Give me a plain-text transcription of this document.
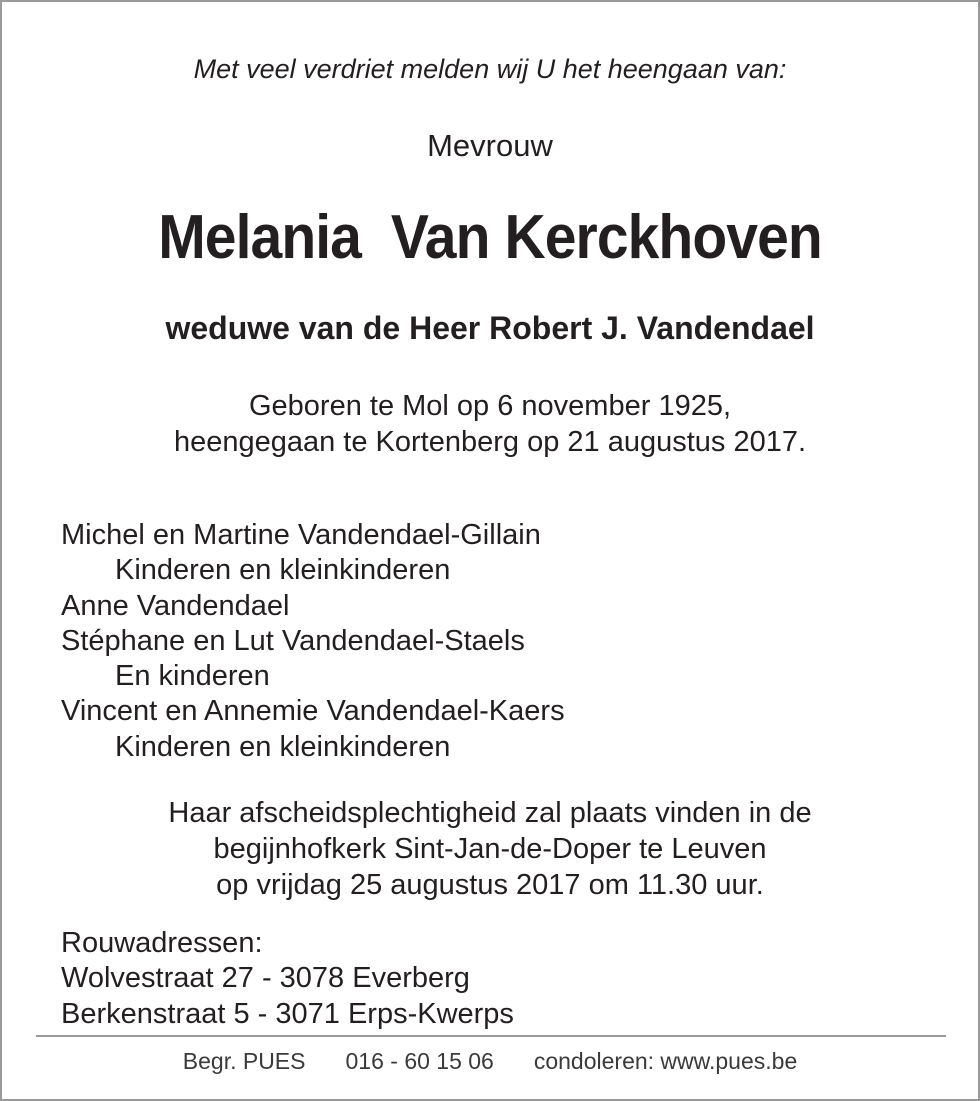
Met veel verdriet melden wij U het heengaan van:
Mevrouw
Melania  Van Kerckhoven
weduwe van de Heer Robert J. Vandendael
Geboren te Mol op 6 november 1925,
heengegaan te Kortenberg op 21 augustus 2017.
Michel en Martine Vandendael-Gillain
Kinderen en kleinkinderen
Anne Vandendael
Stéphane en Lut Vandendael-Staels
En kinderen
Vincent en Annemie Vandendael-Kaers
Kinderen en kleinkinderen
Haar afscheidsplechtigheid zal plaats vinden in de
begijnhofkerk Sint-Jan-de-Doper te Leuven
op vrijdag 25 augustus 2017 om 11.30 uur.
Rouwadressen:
Wolvestraat 27 - 3078 Everberg
Berkenstraat 5 - 3071 Erps-Kwerps
Begr. PUES 016 - 60 15 06 condoleren: www.pues.be
